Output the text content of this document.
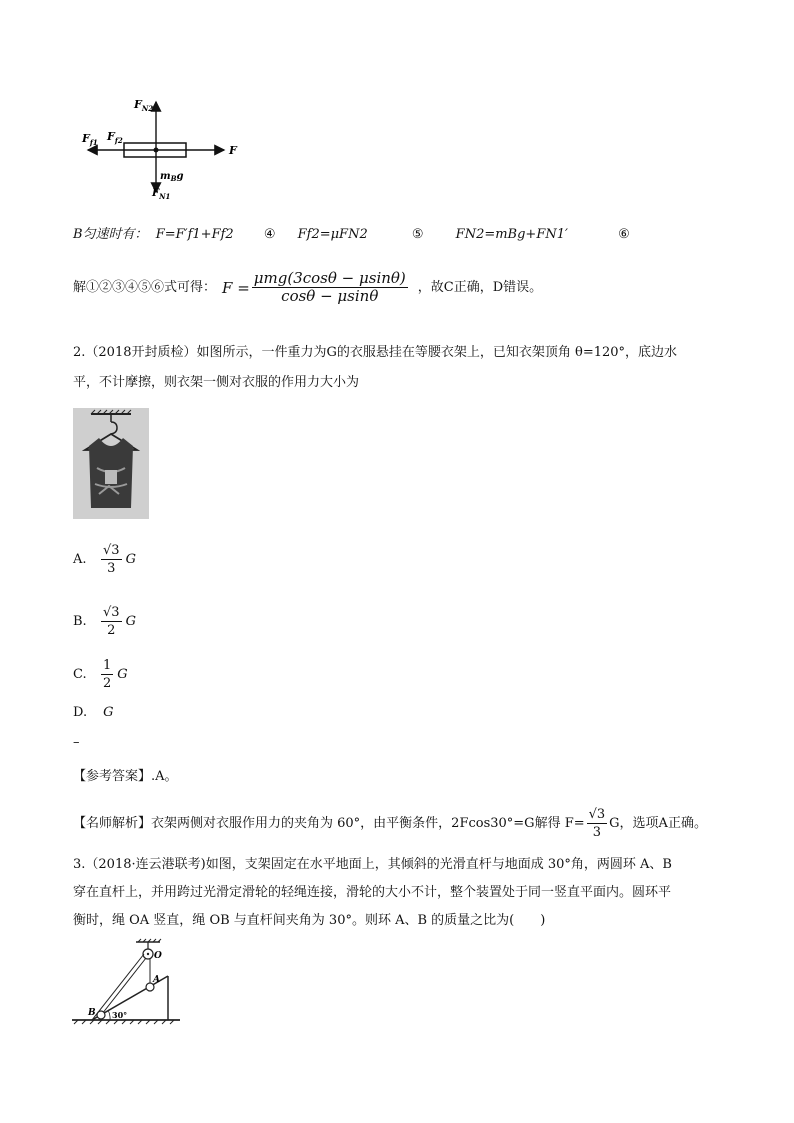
$F_{N2}$
$F_{f1}$ $F_{f2}$
F
$m_Bg$
$F_{N1}$
B匀速时有： F=F′f1+Ff2 ④ Ff2=μFN2	⑤ FN2=mBg+FN1′	⑥
解①②③④⑤⑥式可得： $F = \frac{\text{μmg(3cosθ − μsinθ)}}{\cos\theta - \mu\sin\theta}$ ，故C正确，D错误。
2.（2018开封质检）如图所示，一件重力为G的衣服悬挂在等腰衣架上，已知衣架顶角 θ=120°，底边水
平，不计摩擦，则衣架一侧对衣服的作用力大小为
A.	$\frac{√3}{3}$ G
B.	$\frac{√3}{2}$ G
C.	$\frac{1}{2}$ G
D. G
–
【参考答案】.A。
【名师解析】衣架两侧对衣服作用力的夹角为 60°，由平衡条件，2Fcos30°=G解得 $F= \frac{√3}{3}$ G，选项A正确。
3.（2018·连云港联考)如图，支架固定在水平地面上，其倾斜的光滑直杆与地面成 30°角，两圆环 A、B
穿在直杆上，并用跨过光滑定滑轮的轻绳连接，滑轮的大小不计，整个装置处于同一竖直平面内。圆环平
衡时，绳 OA 竖直，绳 OB 与直杆间夹角为 30°。则环 A、B 的质量之比为(　　)
O
A
B 30°
